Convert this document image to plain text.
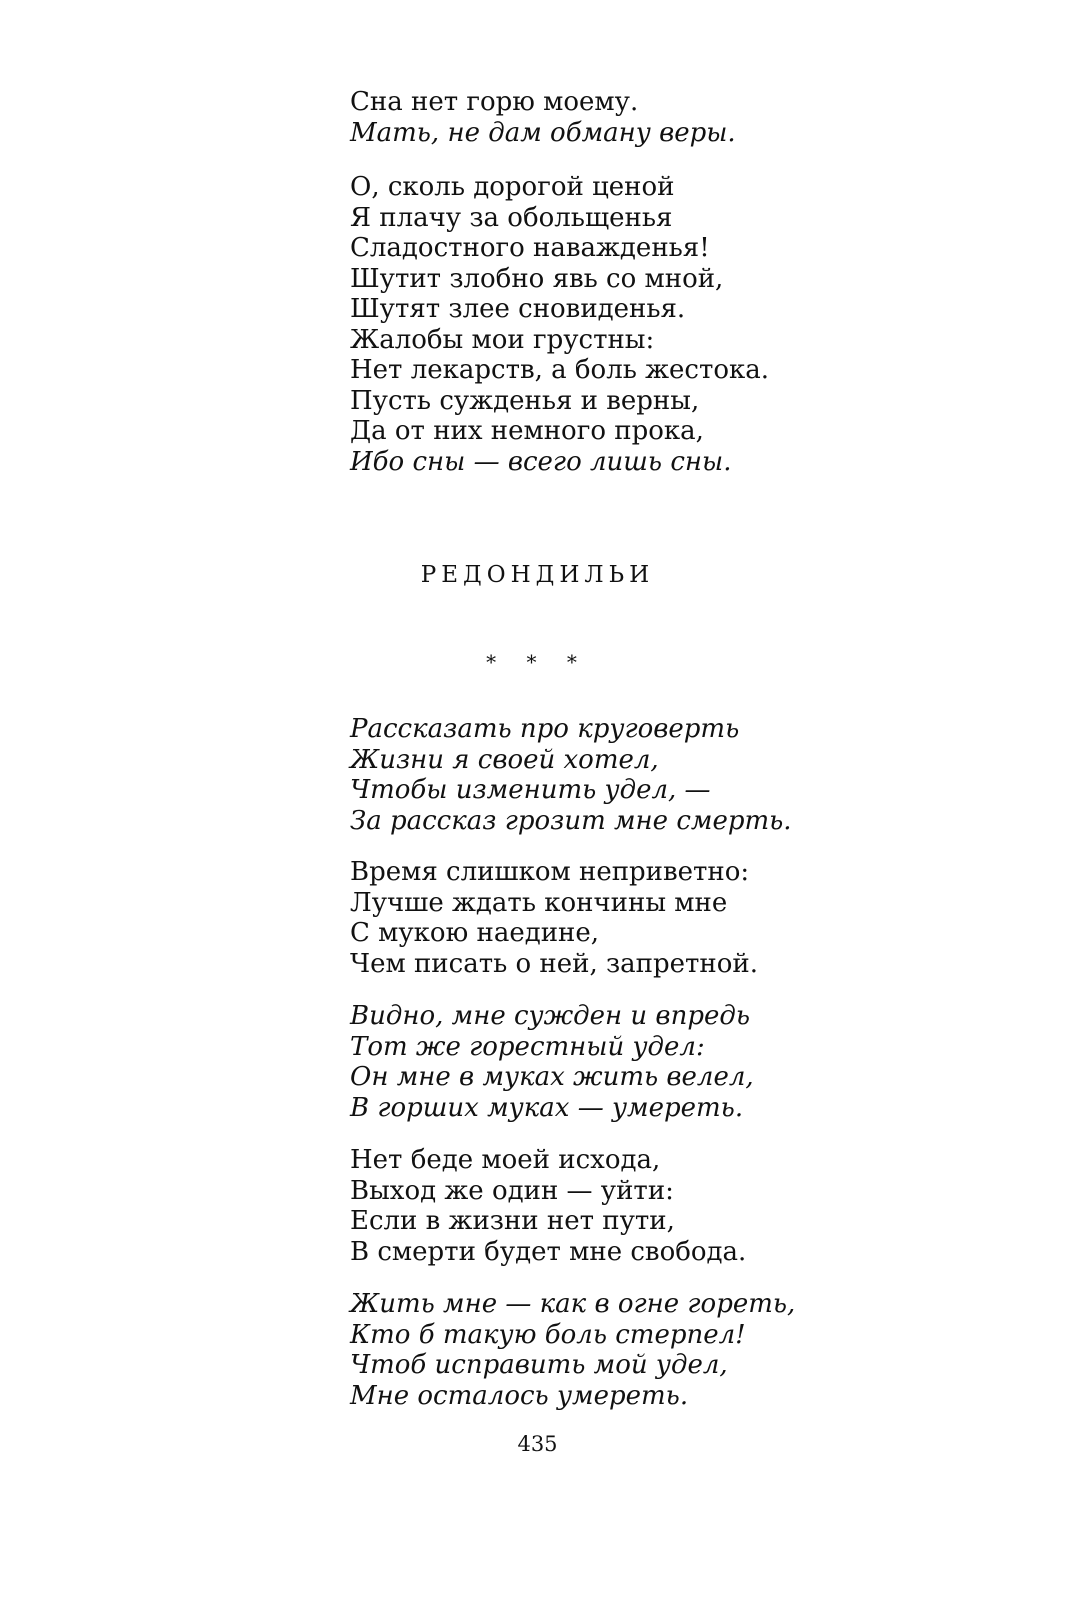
Сна нет горю моему.
Мать, не дам обману веры.
О, сколь дорогой ценой
Я плачу за обольщенья
Сладостного наважденья!
Шутит злобно явь со мной,
Шутят злее сновиденья.
Жалобы мои грустны:
Нет лекарств, а боль жестока.
Пусть сужденья и верны,
Да от них немного прока,
Ибо сны — всего лишь сны.
РЕДОНДИЛЬИ
* * *
Рассказать про круговерть
Жизни я своей хотел,
Чтобы изменить удел, —
За рассказ грозит мне смерть.
Время слишком неприветно:
Лучше ждать кончины мне
С мукою наедине,
Чем писать о ней, запретной.
Видно, мне сужден и впредь
Тот же горестный удел:
Он мне в муках жить велел,
В горших муках — умереть.
Нет беде моей исхода,
Выход же один — уйти:
Если в жизни нет пути,
В смерти будет мне свобода.
Жить мне — как в огне гореть,
Кто б такую боль стерпел!
Чтоб исправить мой удел,
Мне осталось умереть.
435
